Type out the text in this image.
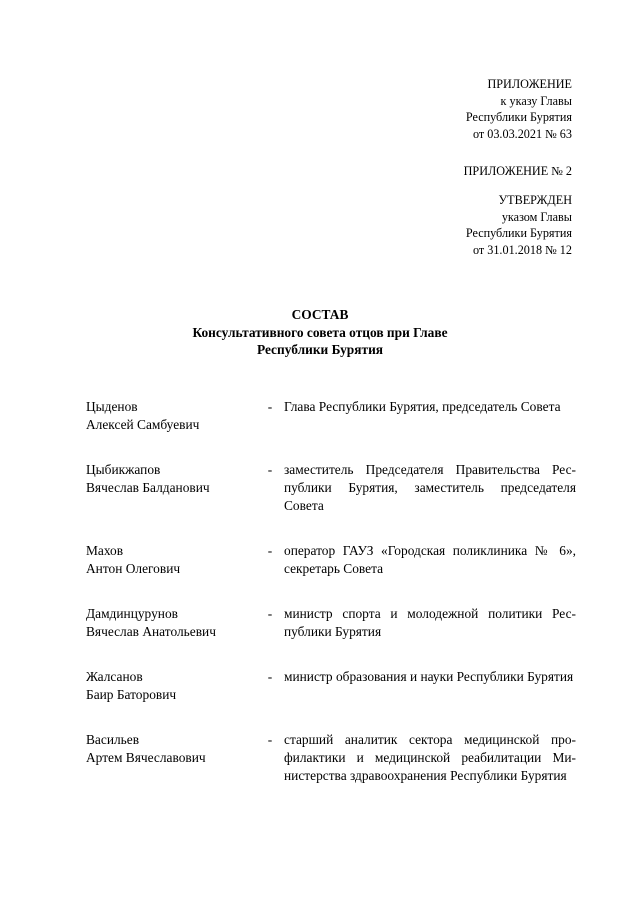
ПРИЛОЖЕНИЕ
к указу Главы
Республики Бурятия
от 03.03.2021 № 63
ПРИЛОЖЕНИЕ № 2
УТВЕРЖДЕН
указом Главы
Республики Бурятия
от 31.01.2018 № 12
СОСТАВ
Консультативного совета отцов при Главе
Республики Бурятия
Цыденов
Алексей Самбуевич
- Глава Республики Бурятия, председатель Совета
Цыбикжапов
Вячеслав Балданович
- заместитель Председателя Правительства Республики Бурятия, заместитель председателя Совета
Махов
Антон Олегович
- оператор ГАУЗ «Городская поликлиника № 6», секретарь Совета
Дамдинцурунов
Вячеслав Анатольевич
- министр спорта и молодежной политики Республики Бурятия
Жалсанов
Баир Баторович
- министр образования и науки Республики Бурятия
Васильев
Артем Вячеславович
- старший аналитик сектора медицинской профилактики и медицинской реабилитации Министерства здравоохранения Республики Бурятия
